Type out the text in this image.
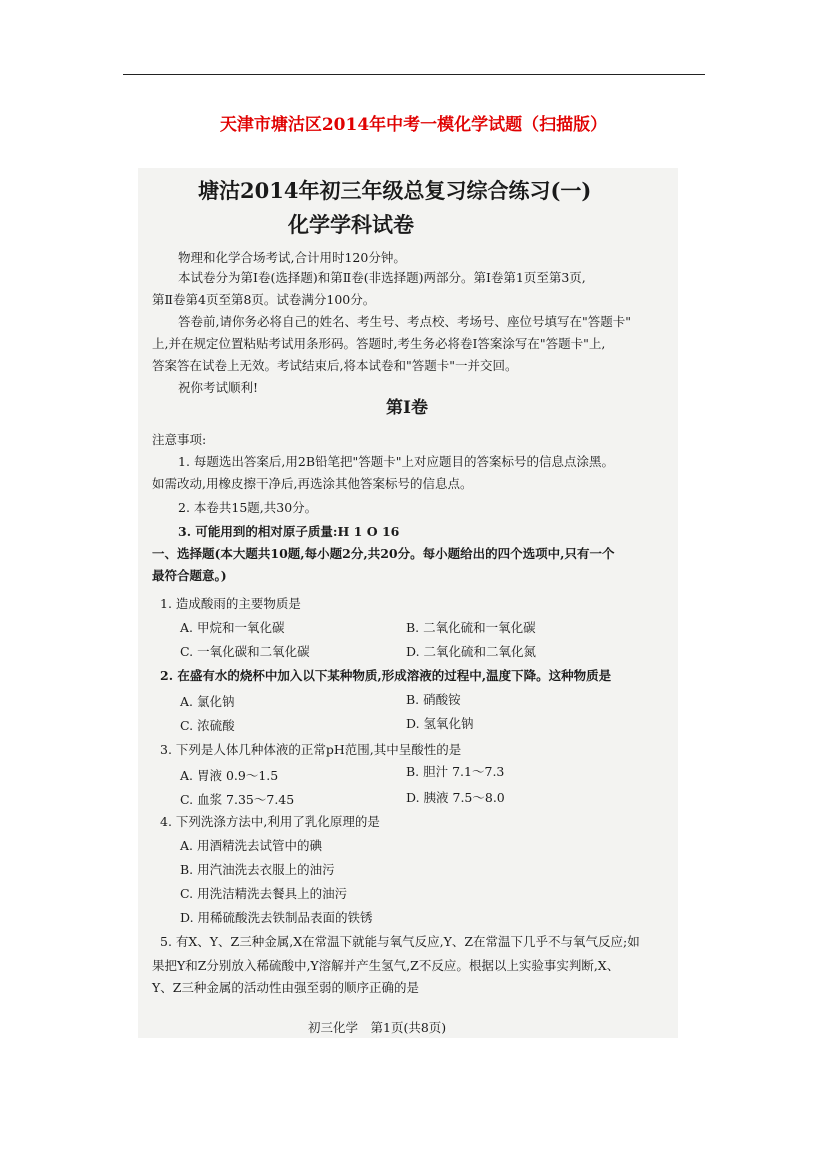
天津市塘沽区2014年中考一模化学试题（扫描版）
塘沽2014年初三年级总复习综合练习(一)
化学学科试卷
物理和化学合场考试,合计用时120分钟。
本试卷分为第Ⅰ卷(选择题)和第Ⅱ卷(非选择题)两部分。第Ⅰ卷第1页至第3页,
第Ⅱ卷第4页至第8页。试卷满分100分。
答卷前,请你务必将自己的姓名、考生号、考点校、考场号、座位号填写在"答题卡"
上,并在规定位置粘贴考试用条形码。答题时,考生务必将卷Ⅰ答案涂写在"答题卡"上,
答案答在试卷上无效。考试结束后,将本试卷和"答题卡"一并交回。
祝你考试顺利!
第Ⅰ卷
注意事项:
1. 每题选出答案后,用2B铅笔把"答题卡"上对应题目的答案标号的信息点涂黑。
如需改动,用橡皮擦干净后,再选涂其他答案标号的信息点。
2. 本卷共15题,共30分。
3. 可能用到的相对原子质量:H 1 O 16
一、选择题(本大题共10题,每小题2分,共20分。每小题给出的四个选项中,只有一个
最符合题意。)
1. 造成酸雨的主要物质是
A. 甲烷和一氧化碳	B. 二氧化硫和一氧化碳
C. 一氧化碳和二氧化碳	D. 二氧化硫和二氧化氮
2. 在盛有水的烧杯中加入以下某种物质,形成溶液的过程中,温度下降。这种物质是
A. 氯化钠	B. 硝酸铵
C. 浓硫酸	D. 氢氧化钠
3. 下列是人体几种体液的正常pH范围,其中呈酸性的是
A. 胃液 0.9～1.5	B. 胆汁 7.1～7.3
C. 血浆 7.35～7.45	D. 胰液 7.5～8.0
4. 下列洗涤方法中,利用了乳化原理的是
A. 用酒精洗去试管中的碘
B. 用汽油洗去衣服上的油污
C. 用洗洁精洗去餐具上的油污
D. 用稀硫酸洗去铁制品表面的铁锈
5. 有X、Y、Z三种金属,X在常温下就能与氧气反应,Y、Z在常温下几乎不与氧气反应;如
果把Y和Z分别放入稀硫酸中,Y溶解并产生氢气,Z不反应。根据以上实验事实判断,X、
Y、Z三种金属的活动性由强至弱的顺序正确的是
初三化学　第1页(共8页)
